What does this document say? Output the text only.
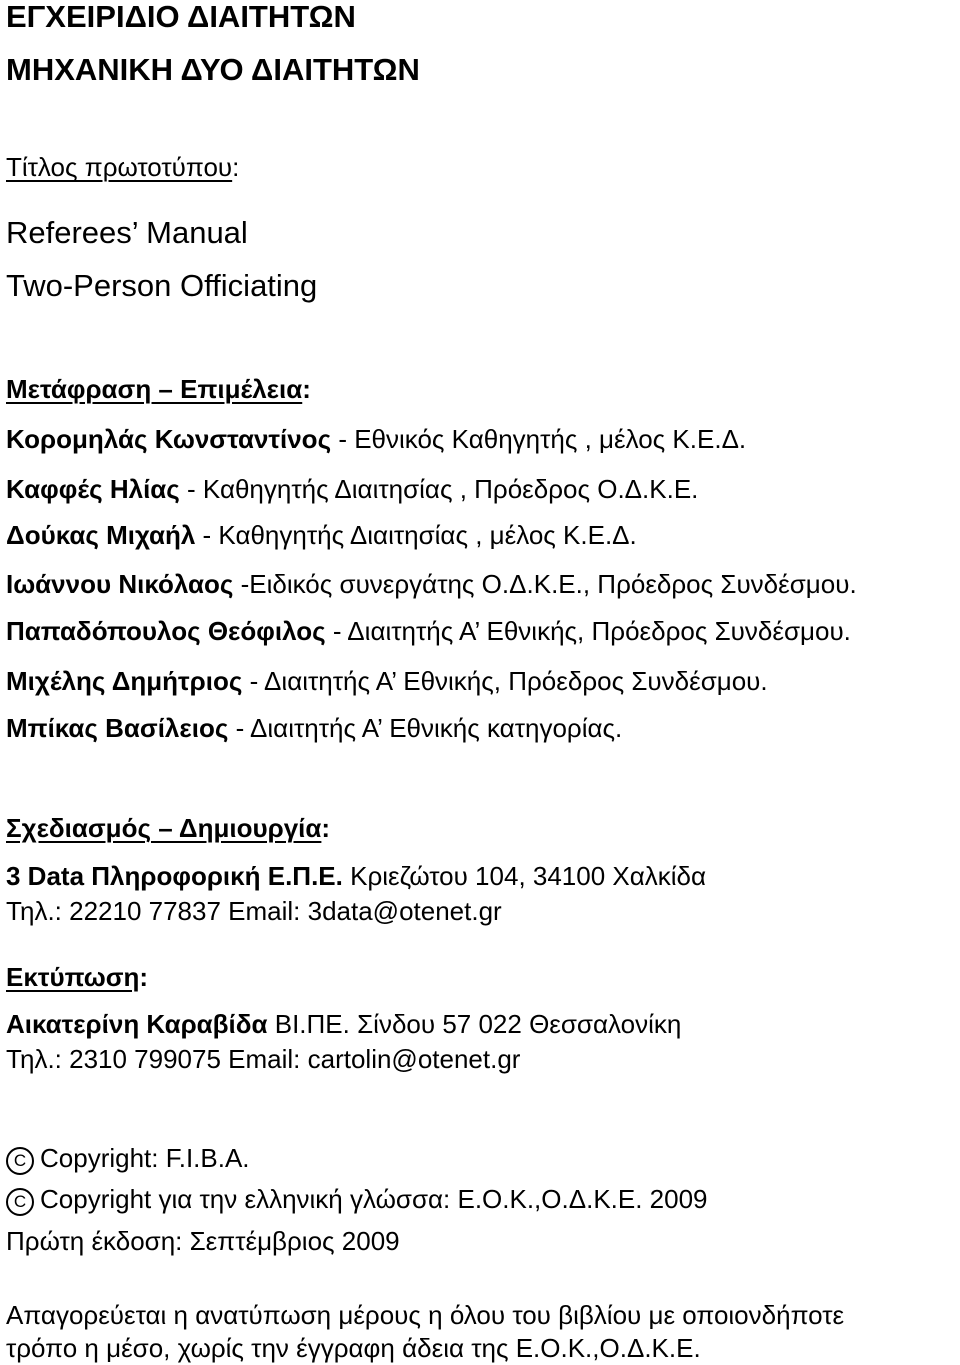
ΕΓΧΕΙΡΙΔΙΟ ΔΙΑΙΤΗΤΩΝ
ΜΗΧΑΝΙΚΗ ΔΥΟ ΔΙΑΙΤΗΤΩΝ
Τίτλος πρωτοτύπου:
Referees’ Manual
Two-Person Officiating
Μετάφραση – Επιμέλεια:
Κορομηλάς Κωνσταντίνος - Εθνικός Καθηγητής , μέλος Κ.Ε.Δ.
Καφφές Ηλίας - Καθηγητής Διαιτησίας , Πρόεδρος Ο.Δ.Κ.Ε.
Δούκας Μιχαήλ - Καθηγητής Διαιτησίας , μέλος Κ.Ε.Δ.
Ιωάννου Νικόλαος -Ειδικός συνεργάτης Ο.Δ.Κ.Ε., Πρόεδρος Συνδέσμου.
Παπαδόπουλος Θεόφιλος - Διαιτητής Α’ Εθνικής, Πρόεδρος Συνδέσμου.
Μιχέλης Δημήτριος - Διαιτητής Α’ Εθνικής, Πρόεδρος Συνδέσμου.
Μπίκας Βασίλειος - Διαιτητής Α’ Εθνικής κατηγορίας.
Σχεδιασμός – Δημιουργία:
3 Data Πληροφορική Ε.Π.Ε. Κριεζώτου 104, 34100 Χαλκίδα
Τηλ.: 22210 77837 Email: 3data@otenet.gr
Εκτύπωση:
Αικατερίνη Καραβίδα ΒΙ.ΠΕ. Σίνδου 57 022 Θεσσαλονίκη
Τηλ.: 2310 799075 Email: cartolin@otenet.gr
C Copyright: F.I.B.A.
C Copyright για την ελληνική γλώσσα: Ε.Ο.Κ.,Ο.Δ.Κ.Ε. 2009
Πρώτη έκδοση: Σεπτέμβριος 2009
Απαγορεύεται η ανατύπωση μέρους η όλου του βιβλίου με οποιονδήποτε
τρόπο η μέσο, χωρίς την έγγραφη άδεια της Ε.Ο.Κ.,Ο.Δ.Κ.Ε.
